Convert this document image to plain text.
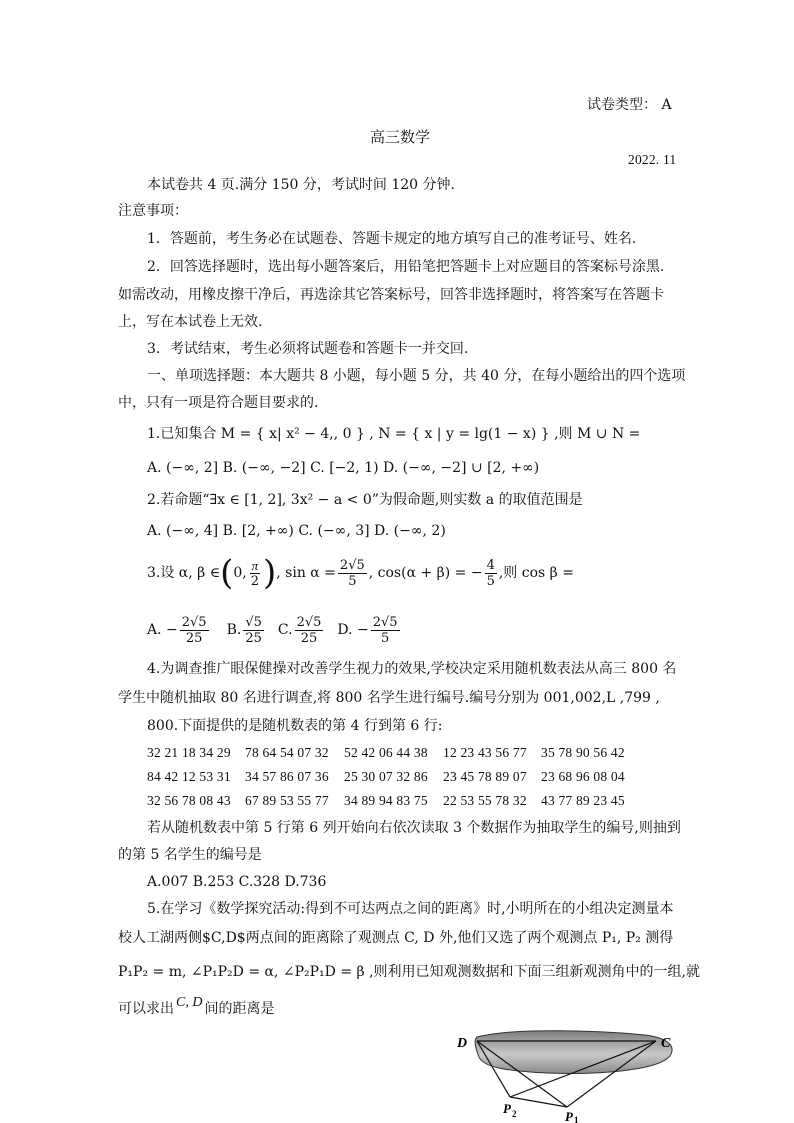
试卷类型： A
高三数学
2022. 11
本试卷共 4 页.满分 150 分，考试时间 120 分钟.
注意事项：
1．答题前，考生务必在试题卷、答题卡规定的地方填写自己的准考证号、姓名.
2．回答选择题时，选出每小题答案后，用铅笔把答题卡上对应题目的答案标号涂黑.
如需改动，用橡皮擦干净后，再选涂其它答案标号，回答非选择题时，将答案写在答题卡
上，写在本试卷上无效.
3．考试结束，考生必须将试题卷和答题卡一并交回.
一、单项选择题：本大题共 8 小题，每小题 5 分，共 40 分，在每小题给出的四个选项
中，只有一项是符合题目要求的.
1.已知集合 M = { x| x² − 4,, 0 } , N = { x | y = lg(1 − x) } ,则 M ∪ N =
A. (−∞, 2] B. (−∞, −2] C. [−2, 1) D. (−∞, −2] ∪ [2, +∞)
2.若命题“∃x ∈ [1, 2], 3x² − a < 0”为假命题,则实数 a 的取值范围是
A. (−∞, 4] B. [2, +∞) C. (−∞, 3] D. (−∞, 2)
3.设 α, β ∈ ( 0, $\frac{\pi}{2}$ ) , $\sin \alpha = \frac{2√5}{5}$ , cos(α + β) = − $\frac{4}{5}$ ,则 cos β =
A. − $\frac{2√5}{25} B$. $\frac{√5}{25} C$. $\frac{2√5}{25} D$. − $\frac{2√5}{5}$
4.为调查推广眼保健操对改善学生视力的效果,学校决定采用随机数表法从高三 800 名
学生中随机抽取 80 名进行调查,将 800 名学生进行编号.编号分别为 001,002,L ,799 ,
800.下面提供的是随机数表的第 4 行到第 6 行:
32 21 18 34 29 78 64 54 07 32 52 42 06 44 38 12 23 43 56 77 35 78 90 56 42
84 42 12 53 31 34 57 86 07 36 25 30 07 32 86 23 45 78 89 07 23 68 96 08 04
32 56 78 08 43 67 89 53 55 77 34 89 94 83 75 22 53 55 78 32 43 77 89 23 45
若从随机数表中第 5 行第 6 列开始向右依次读取 3 个数据作为抽取学生的编号,则抽到
的第 5 名学生的编号是
A.007 B.253 C.328 D.736
5.在学习《数学探究活动:得到不可达两点之间的距离》时,小明所在的小组决定测量本
校人工湖两侧$C,D$两点间的距离除了观测点 C, D 外,他们又选了两个观测点 P₁, P₂ 测得
P₁P₂ = m, ∠P₁P₂D = α, ∠P₂P₁D = β ,则利用已知观测数据和下面三组新观测角中的一组,就
可以求出 C, D 间的距离是
D	C
P 2	P 1
